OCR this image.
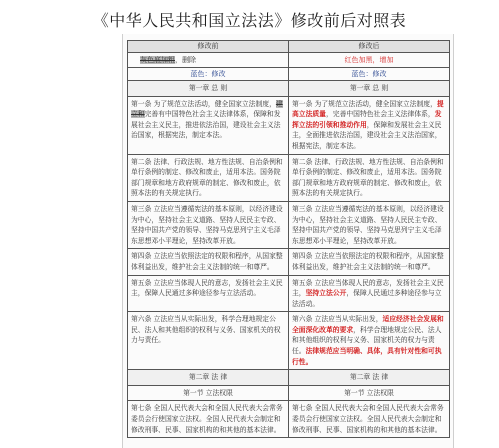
《中华人民共和国立法法》修改前后对照表
修改前	修改后
灰色底加粗，删除	红色加黑，增加
蓝色：修改	蓝色：修改
第一章 总 则	第一章 总 则
第一条 为了规范立法活动，健全国家立法制度，建立和完善有中国特色社会主义法律体系，保障和发展社会主义民主，推进依法治国，建设社会主义法治国家，根据宪法，制定本法。	第一条 为了规范立法活动，健全国家立法制度，提高立法质量，完善中国特色社会主义法律体系，发挥立法的引领和推动作用，保障和发展社会主义民主，全面推进依法治国，建设社会主义法治国家，根据宪法，制定本法。
第二条 法律、行政法规、地方性法规、自治条例和单行条例的制定、修改和废止，适用本法。国务院部门规章和地方政府规章的制定、修改和废止，依照本法的有关规定执行。	第二条 法律、行政法规、地方性法规、自治条例和单行条例的制定、修改和废止，适用本法。国务院部门规章和地方政府规章的制定、修改和废止，依照本法的有关规定执行。
第三条 立法应当遵循宪法的基本原则，以经济建设为中心，坚持社会主义道路、坚持人民民主专政、坚持中国共产党的领导、坚持马克思列宁主义毛泽东思想邓小平理论，坚持改革开放。	第三条 立法应当遵循宪法的基本原则，以经济建设为中心，坚持社会主义道路、坚持人民民主专政、坚持中国共产党的领导、坚持马克思列宁主义毛泽东思想邓小平理论，坚持改革开放。
第四条 立法应当依照法定的权限和程序，从国家整体利益出发，维护社会主义法制的统一和尊严。	第四条 立法应当依照法定的权限和程序，从国家整体利益出发，维护社会主义法制的统一和尊严。
第五条 立法应当体现人民的意志，发扬社会主义民主，保障人民通过多种途径参与立法活动。	第五条 立法应当体现人民的意志，发扬社会主义民主，坚持立法公开，保障人民通过多种途径参与立法活动。
第六条 立法应当从实际出发，科学合理地规定公民、法人和其他组织的权利与义务、国家机关的权力与责任。	第六条 立法应当从实际出发，适应经济社会发展和全面深化改革的要求，科学合理地规定公民、法人和其他组织的权利与义务、国家机关的权力与责任。法律规范应当明确、具体，具有针对性和可执行性。
第二章 法 律	第二章 法 律
第一节 立法权限	第一节 立法权限
第七条 全国人民代表大会和全国人民代表大会常务委员会行使国家立法权。全国人民代表大会制定和修改刑事、民事、国家机构的和其他的基本法律。	第七条 全国人民代表大会和全国人民代表大会常务委员会行使国家立法权。全国人民代表大会制定和修改刑事、民事、国家机构的和其他的基本法律。
